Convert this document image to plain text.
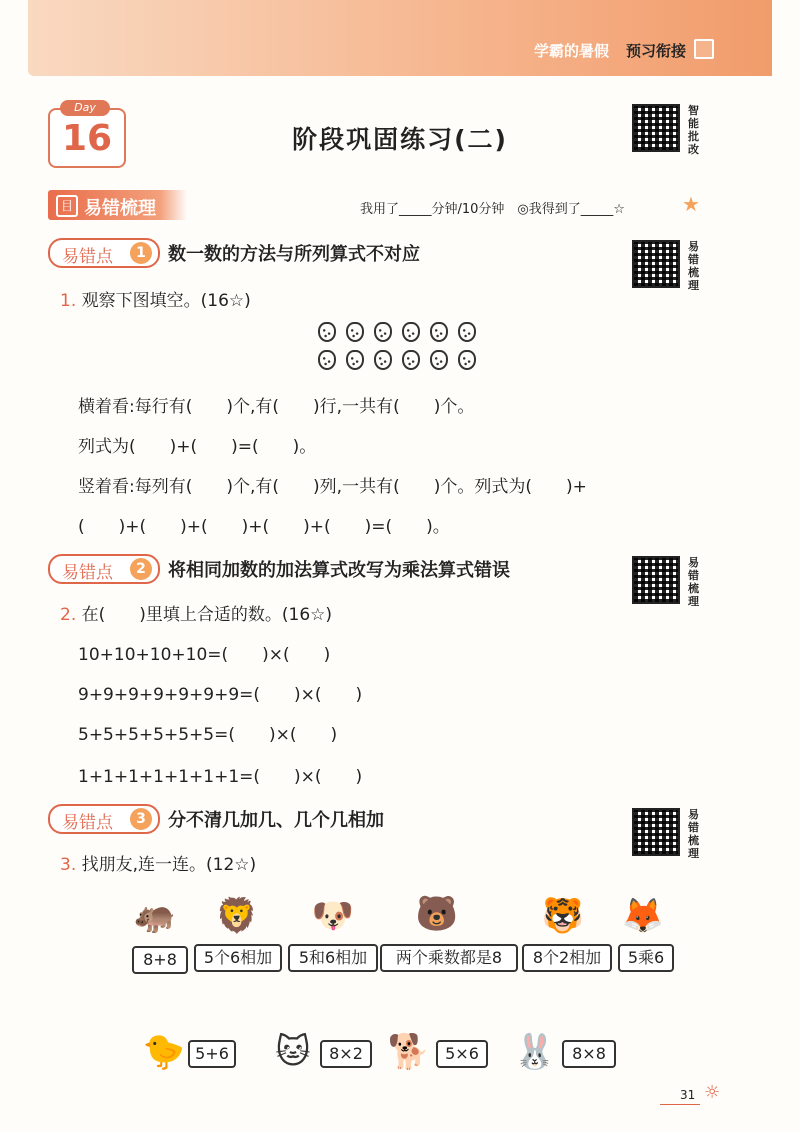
学霸的暑假 预习衔接
Day
16	阶段巩固练习(二)
智能批改
目 易错梳理	我用了_____分钟/10分钟　◎我得到了_____☆	★
易错点	1	数一数的方法与所列算式不对应	易错梳理
1. 观察下图填空。(16☆)
横着看:每行有(　　)个,有(　　)行,一共有(　　)个。
列式为(　　)+(　　)=(　　)。
竖着看:每列有(　　)个,有(　　)列,一共有(　　)个。列式为(　　)+
(　　)+(　　)+(　　)+(　　)+(　　)=(　　)。
易错点	2	将相同加数的加法算式改写为乘法算式错误	易错梳理
2. 在(　　)里填上合适的数。(16☆)
10+10+10+10=(　　)×(　　)
9+9+9+9+9+9+9=(　　)×(　　)
5+5+5+5+5+5=(　　)×(　　)
1+1+1+1+1+1+1=(　　)×(　　)
易错点	3	分不清几加几、几个几相加	易错梳理
3. 找朋友,连一连。(12☆)
🦛 🦁 🐶 🐻 🐯 🦊
8+8	5个6相加	5和6相加	两个乘数都是8	8个2相加	5乘6
🐤 5+6 🐱	8×2 🐕 5×6 🐰 8×8
31 ☼
